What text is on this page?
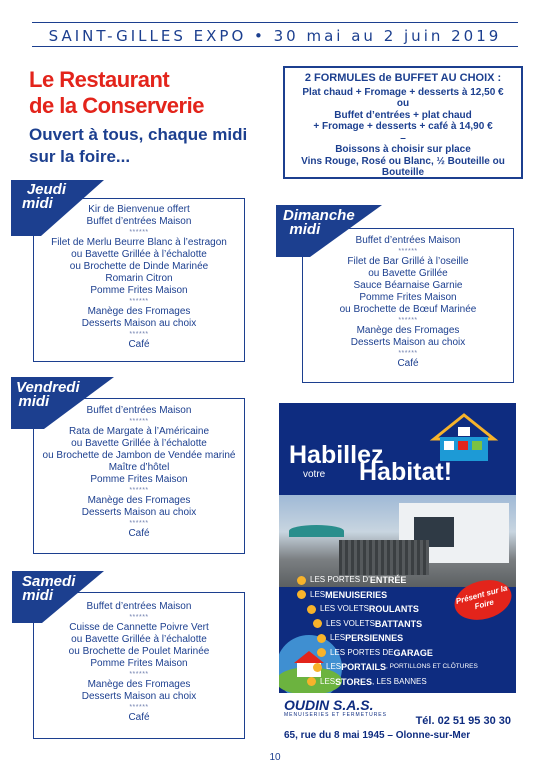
SAINT-GILLES EXPO • 30 mai au 2 juin 2019
Le Restaurant
de la Conserverie
Ouvert à tous, chaque midi
sur la foire...
2 FORMULES de BUFFET AU CHOIX :
Plat chaud + Fromage + desserts à 12,50 €
ou
Buffet d’entrées + plat chaud
+ Fromage + desserts + café à 14,90 €
–
Boissons à choisir sur place
Vins Rouge, Rosé ou Blanc, ½ Bouteille ou Bouteille
Kir de Bienvenue offert
Buffet d’entrées Maison
******
Filet de Merlu Beurre Blanc à l’estragon
ou Bavette Grillée à l’échalotte
ou Brochette de Dinde Marinée
Romarin Citron
Pomme Frites Maison
******
Manège des Fromages
Desserts Maison au choix
******
Café
Jeudi
midi
Buffet d’entrées Maison
******
Filet de Bar Grillé à l’oseille
ou Bavette Grillée
Sauce Béarnaise Garnie
Pomme Frites Maison
ou Brochette de Bœuf Marinée
******
Manège des Fromages
Desserts Maison au choix
******
Café
Dimanche
midi
Buffet d’entrées Maison
******
Rata de Margate à l’Américaine
ou Bavette Grillée à l’échalotte
ou Brochette de Jambon de Vendée mariné
Maître d’hôtel
Pomme Frites Maison
******
Manège des Fromages
Desserts Maison au choix
******
Café
Vendredi
midi
Buffet d’entrées Maison
******
Cuisse de Cannette Poivre Vert
ou Bavette Grillée à l’échalotte
ou Brochette de Poulet Marinée
Pomme Frites Maison
******
Manège des Fromages
Desserts Maison au choix
******
Café
Samedi
midi
Habillez
votre Habitat!
LES PORTES D’ ENTRÉE
LES MENUISERIES
LES VOLETS ROULANTS
LES VOLETS BATTANTS
LES PERSIENNES
LES PORTES DE GARAGE
LES PORTAILS , PORTILLONS ET CLÔTURES
LES STORES , LES BANNES
Présent sur la Foire
OUDIN S.A.S.
MENUISERIES ET FERMETURES	Tél. 02 51 95 30 30
65, rue du 8 mai 1945 – Olonne-sur-Mer
10
